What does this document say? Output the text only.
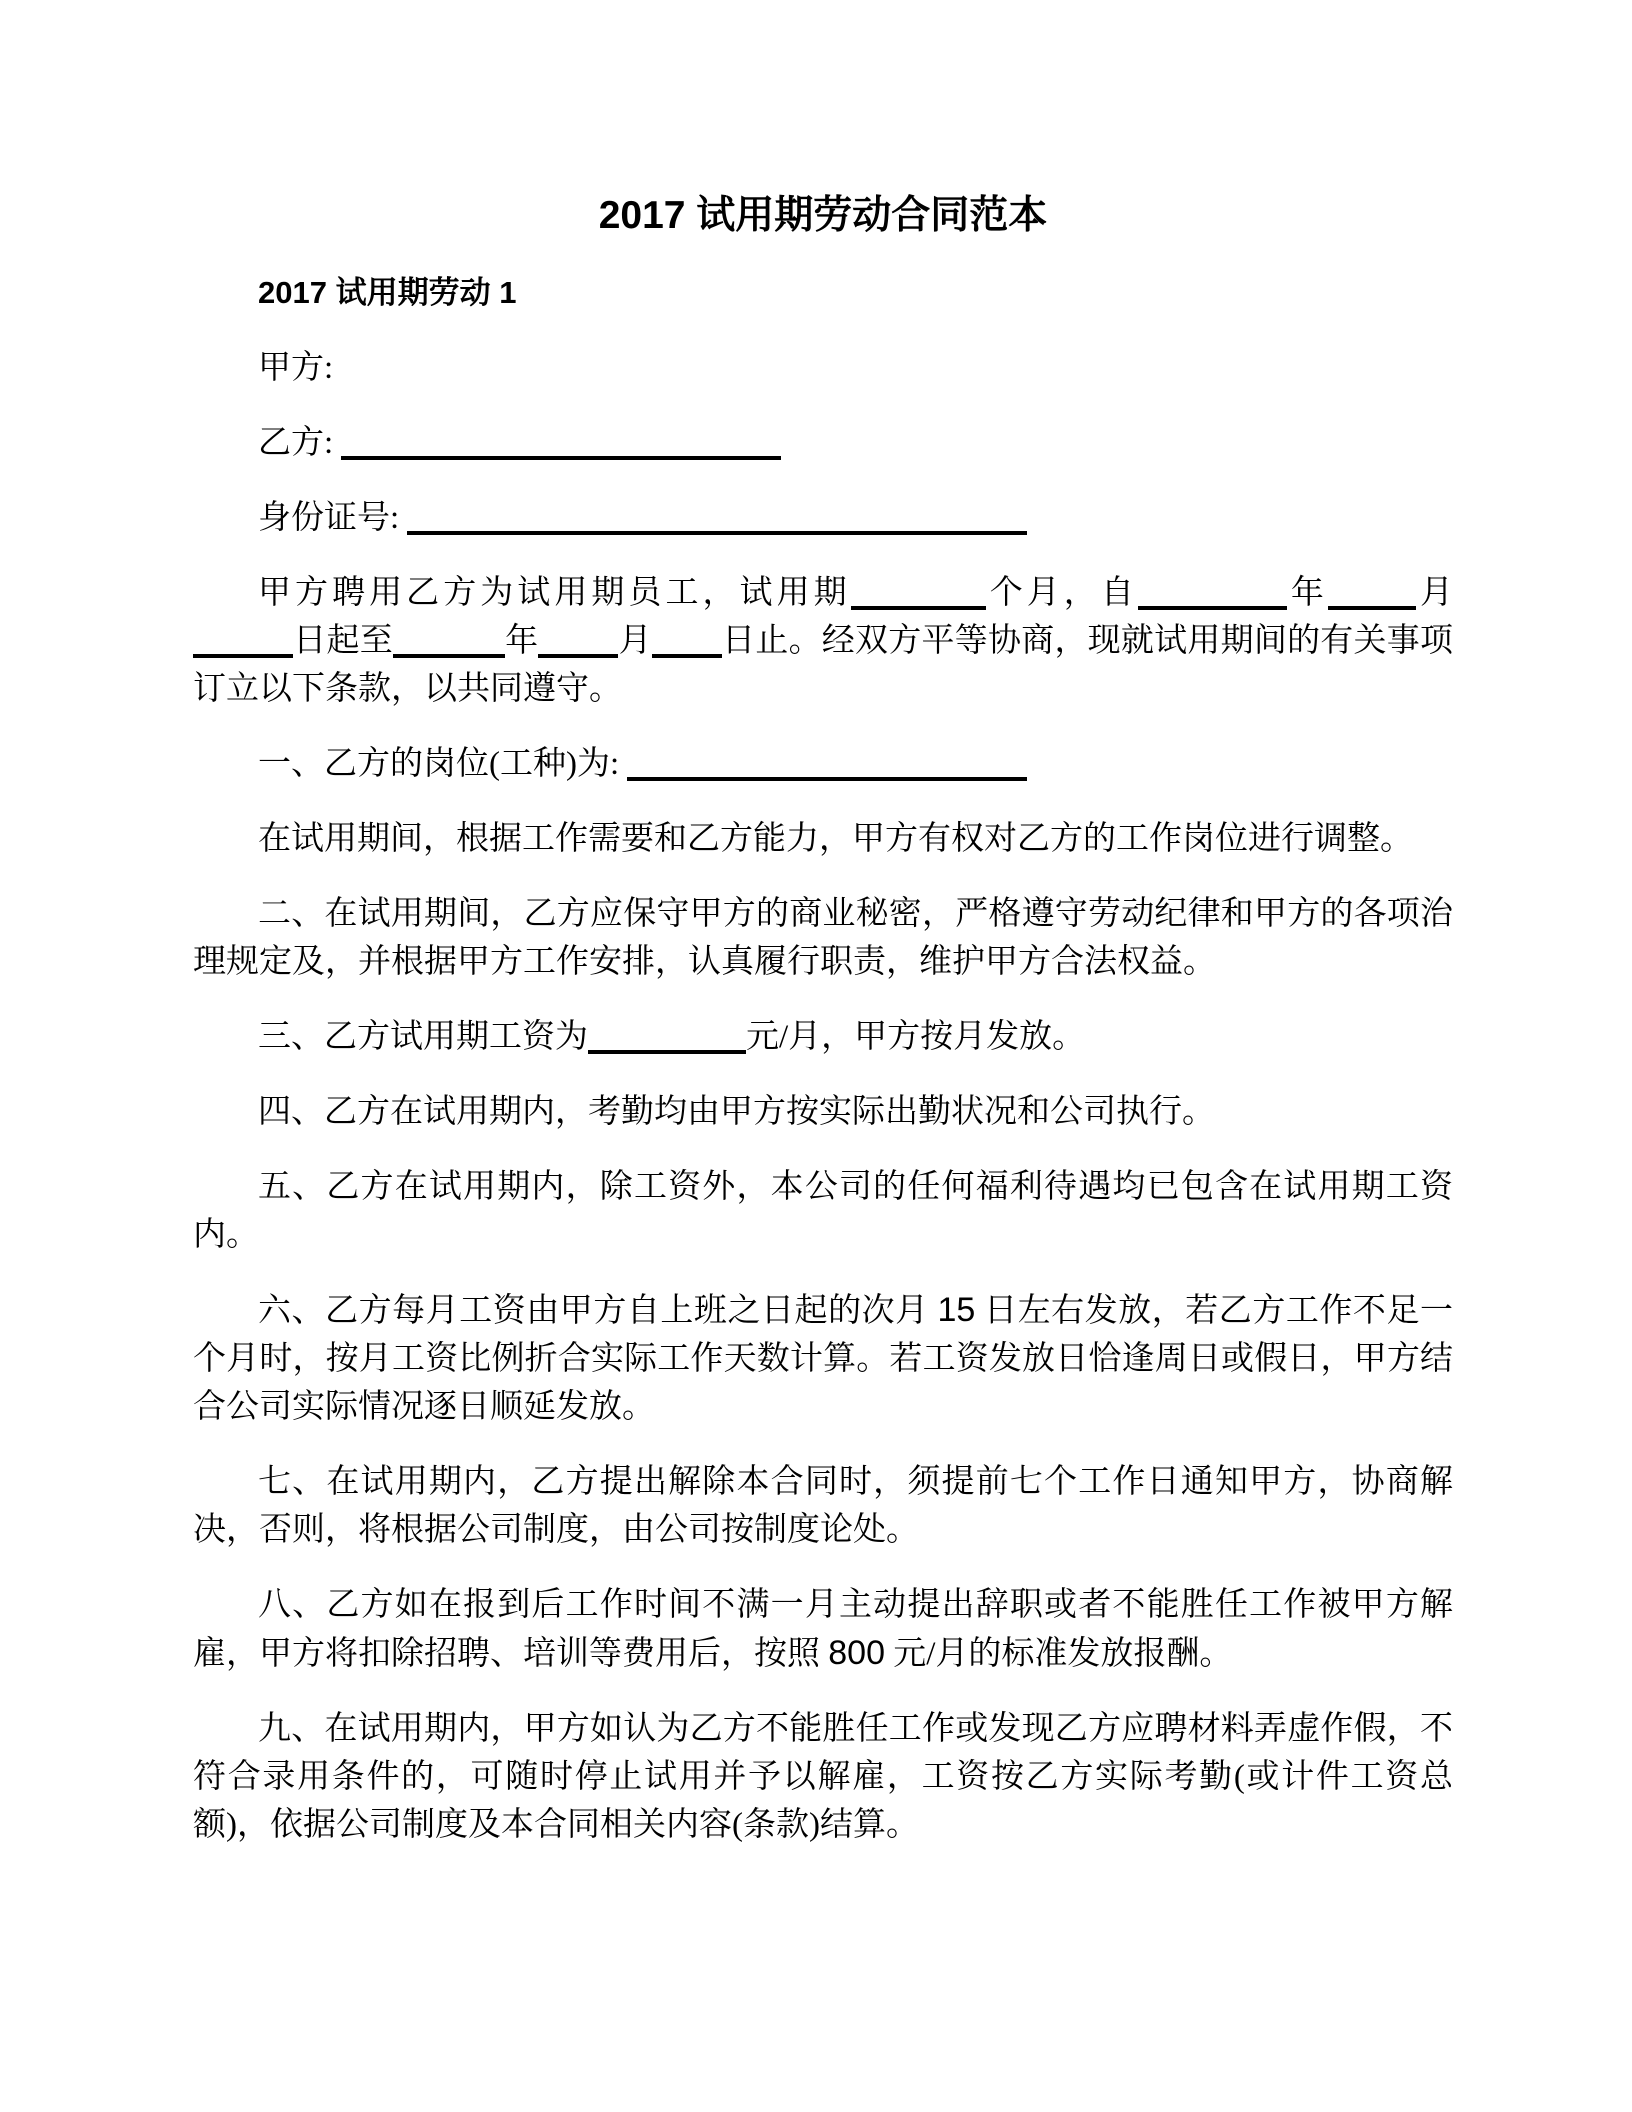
2017 试用期劳动合同范本
2017 试用期劳动 1

甲方:

乙方:

身份证号:

甲方聘用乙方为试用期员工，试用期	个月，自	年	月日起至	年 月 日止。经双方平等协商，现就试用期间的有关事项订立以下条款，以共同遵守。

一、乙方的岗位(工种)为:

在试用期间，根据工作需要和乙方能力，甲方有权对乙方的工作岗位进行调整。

二、在试用期间，乙方应保守甲方的商业秘密，严格遵守劳动纪律和甲方的各项治理规定及，并根据甲方工作安排，认真履行职责，维护甲方合法权益。

三、乙方试用期工资为	元/月，甲方按月发放。

四、乙方在试用期内，考勤均由甲方按实际出勤状况和公司执行。

五、乙方在试用期内，除工资外，本公司的任何福利待遇均已包含在试用期工资内。

六、乙方每月工资由甲方自上班之日起的次月 15 日左右发放，若乙方工作不足一个月时，按月工资比例折合实际工作天数计算。若工资发放日恰逢周日或假日，甲方结合公司实际情况逐日顺延发放。

七、在试用期内，乙方提出解除本合同时，须提前七个工作日通知甲方，协商解决，否则，将根据公司制度，由公司按制度论处。

八、乙方如在报到后工作时间不满一月主动提出辞职或者不能胜任工作被甲方解雇，甲方将扣除招聘、培训等费用后，按照 800 元/月的标准发放报酬。

九、在试用期内，甲方如认为乙方不能胜任工作或发现乙方应聘材料弄虚作假，不符合录用条件的，可随时停止试用并予以解雇，工资按乙方实际考勤(或计件工资总额)，依据公司制度及本合同相关内容(条款)结算。
